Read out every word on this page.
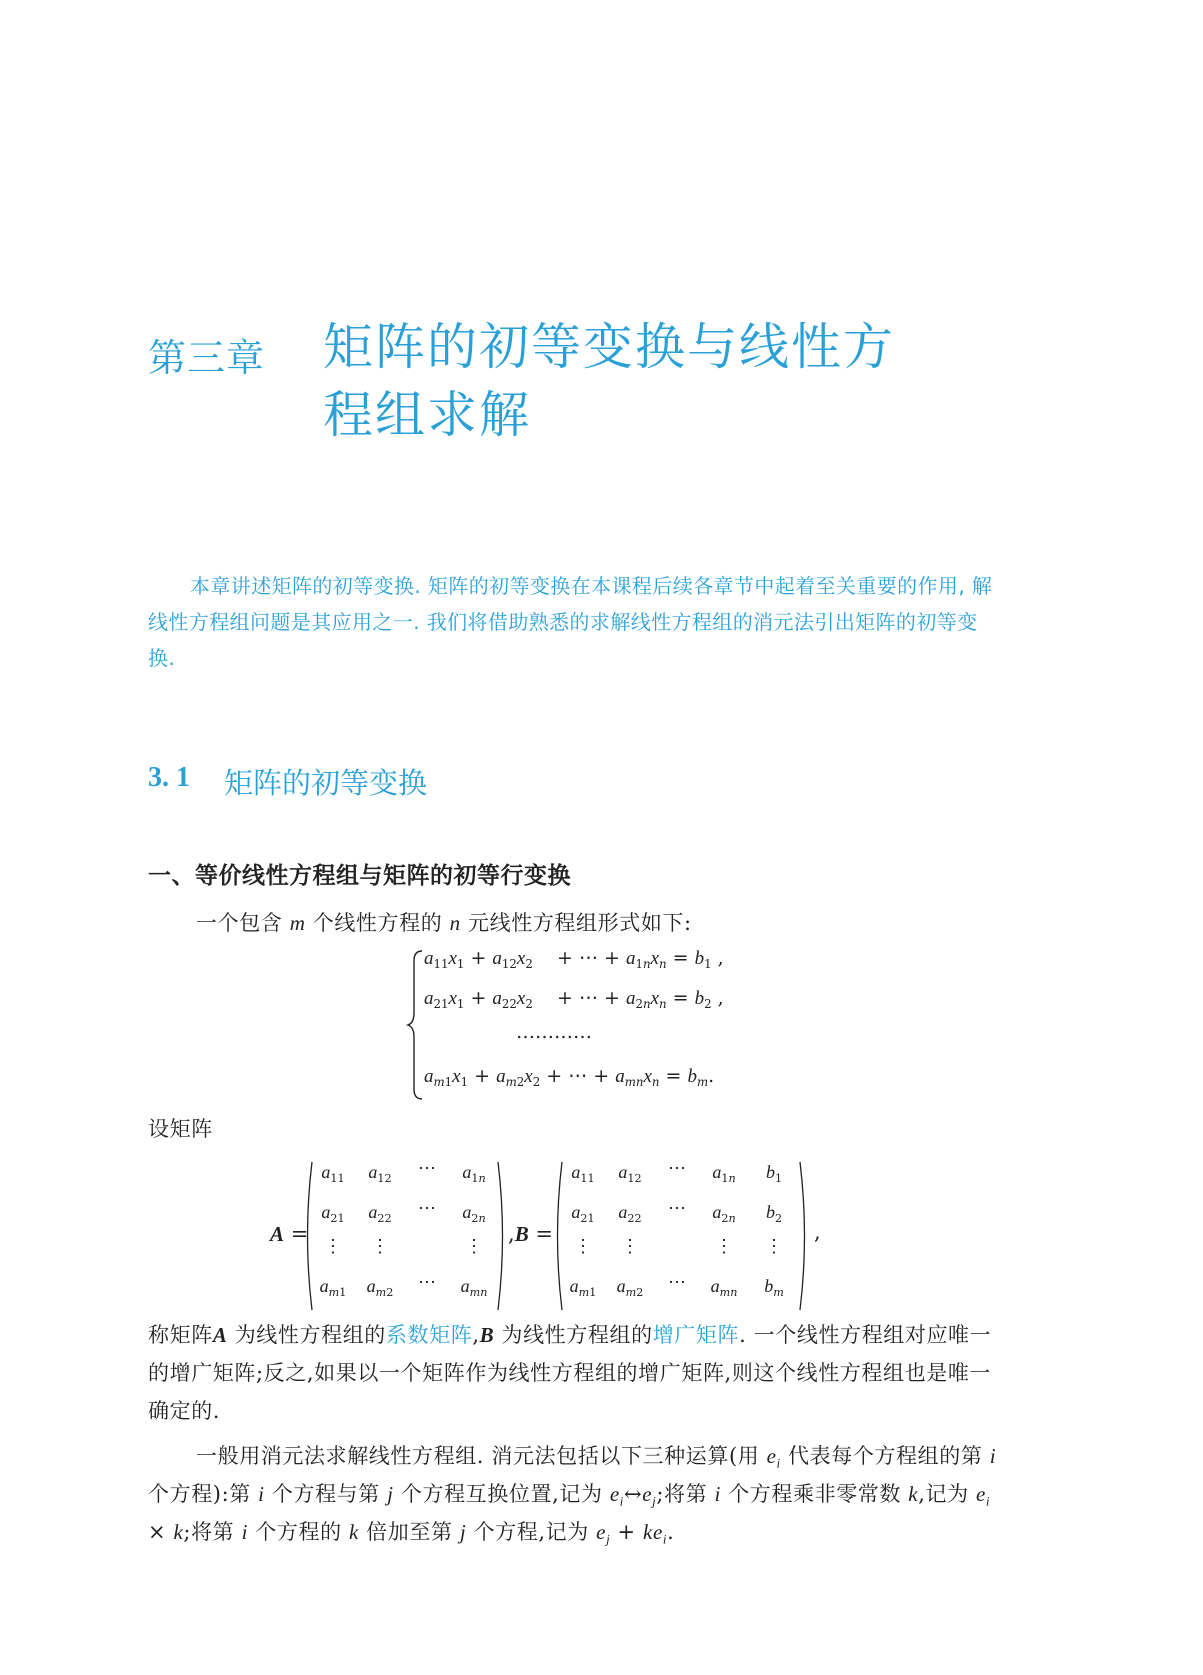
第三章 矩阵的初等变换与线性方
程组求解
本章讲述矩阵的初等变换. 矩阵的初等变换在本课程后续各章节中起着至关重要的作用, 解线性方程组问题是其应用之一. 我们将借助熟悉的求解线性方程组的消元法引出矩阵的初等变换.
3. 1 矩阵的初等变换
一、等价线性方程组与矩阵的初等行变换
一个包含 m 个线性方程的 n 元线性方程组形式如下:
$a_{11}x_1 + a_{12}x_2$    + ⋯ + $a_{1n}x_n = b_1$ ,
$a_{21}x_1 + a_{22}x_2$    + ⋯ + $a_{2n}x_n = b_2$ ,
…………
$a_{m1}x_1 + a_{m2}x_2$ + ⋯ + $a_{mn}x_n = b_m$.
设矩阵
A =
$a_{11}$	$a_{12}$	⋯	$a_{1n}$
$a_{21}$	$a_{22}$	⋯	$a_{2n}$
⋮	⋮	⋮
$a_{m1}$	$a_{m2}$	⋯	$a_{mn}$
,B =
$a_{11}$	$a_{12}$	⋯	$a_{1n}$	$b_1$
$a_{21}$	$a_{22}$	⋯	$a_{2n}$	$b_2$
⋮	⋮	⋮	⋮
$a_{m1}$	$a_{m2}$	⋯	$a_{mn}$	$b_m$
,
称矩阵A 为线性方程组的系数矩阵,B 为线性方程组的增广矩阵. 一个线性方程组对应唯一的增广矩阵;反之,如果以一个矩阵作为线性方程组的增广矩阵,则这个线性方程组也是唯一确定的.
一般用消元法求解线性方程组. 消元法包括以下三种运算(用 $e_i$ 代表每个方程组的第 i 个方程):第 i 个方程与第 j 个方程互换位置,记为 $e_i\leftrightarrow e_j$;将第 i 个方程乘非零常数 k,记为 $e_i \times k$;将第 i 个方程的 k 倍加至第 j 个方程,记为 $e_j + ke_i$.
